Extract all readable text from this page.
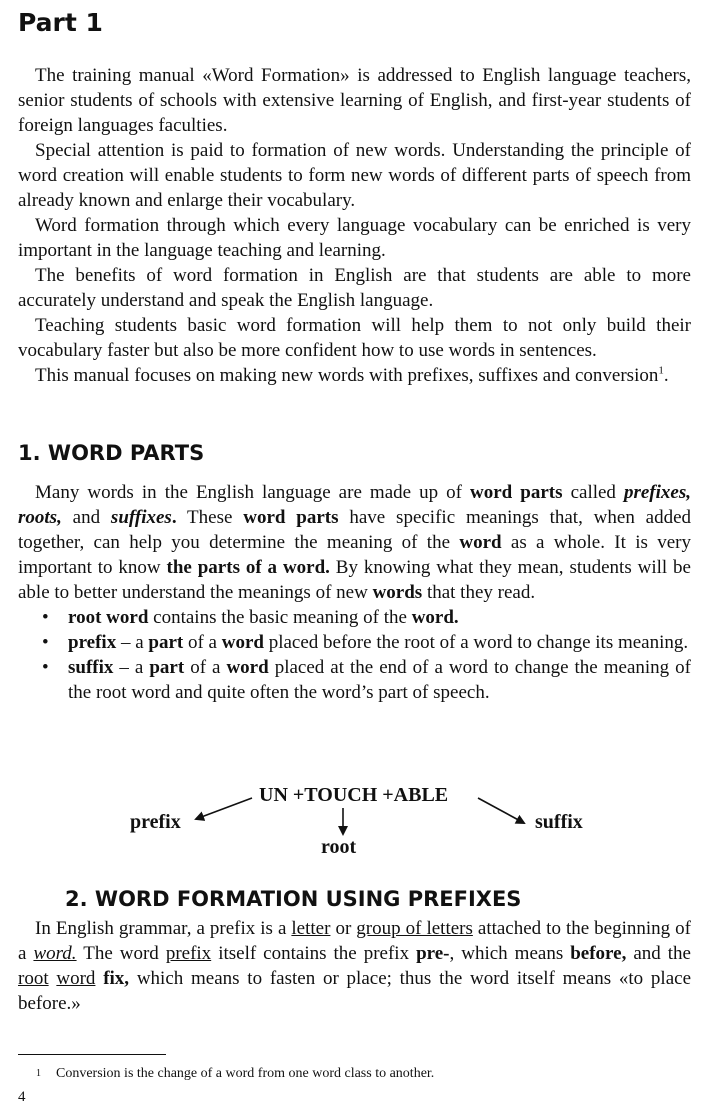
Part 1

The training manual «Word Formation» is addressed to English language teachers, senior students of schools with extensive learning of English, and first-year students of foreign languages faculties.

Special attention is paid to formation of new words. Understanding the principle of word creation will enable students to form new words of different parts of speech from already known and enlarge their vocabulary.

Word formation through which every language vocabulary can be enriched is very important in the language teaching and learning.

The benefits of word formation in English are that students are able to more accurately understand and speak the English language.

Teaching students basic word formation will help them to not only build their vocabulary faster but also be more confident how to use words in sentences.

This manual focuses on making new words with prefixes, suffixes and conversion$^1$.

1. WORD PARTS

Many words in the English language are made up of word parts called prefixes, roots, and suffixes. These word parts have specific meanings that, when added together, can help you determine the meaning of the word as a whole. It is very important to know the parts of a word. By knowing what they mean, students will be able to better understand the meanings of new words that they read.

• root word contains the basic meaning of the word.
• prefix – a part of a word placed before the root of a word to change its meaning.
• suffix – a part of a word placed at the end of a word to change the meaning of the root word and quite often the word’s part of speech.
UN +TOUCH +ABLE
prefix	suffix
root
2. WORD FORMATION USING PREFIXES

In English grammar, a prefix is a letter or group of letters attached to the beginning of a word. The word prefix itself contains the prefix pre-, which means before, and the root word fix, which means to fasten or place; thus the word itself means «to place before.»

1 Conversion is the change of a word from one word class to another.
4
